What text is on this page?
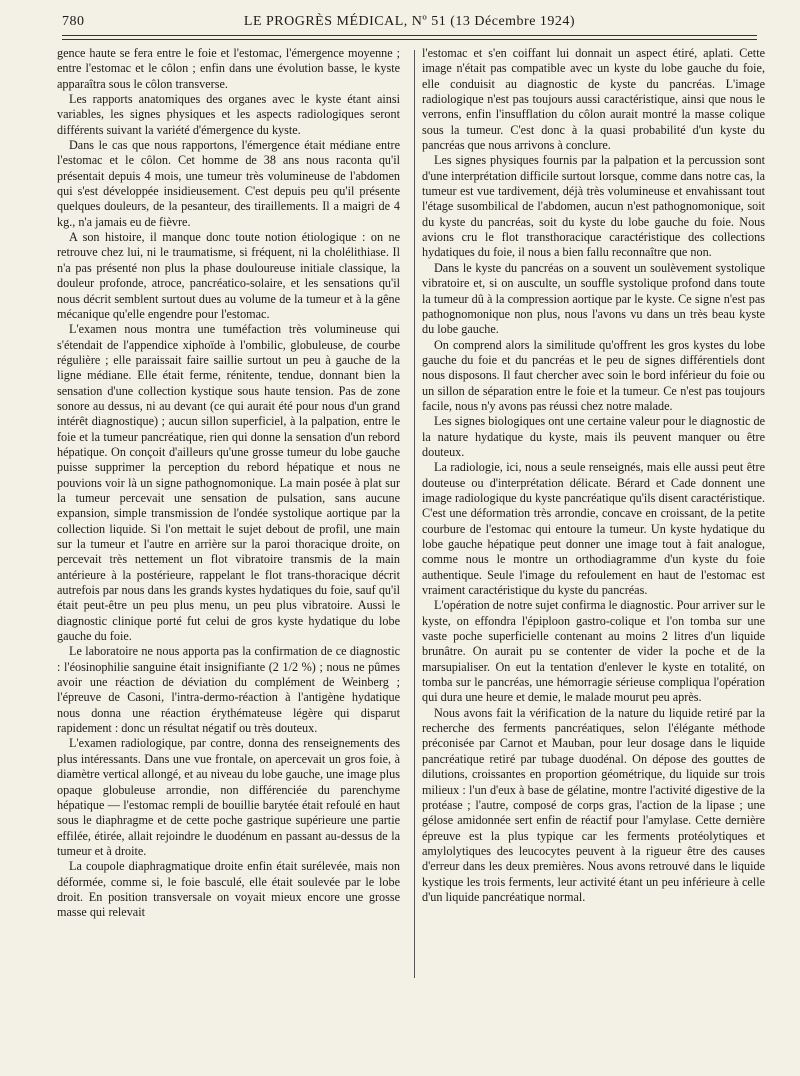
780	LE PROGRÈS MÉDICAL, Nº 51 (13 Décembre 1924)

gence haute se fera entre le foie et l'estomac, l'émergence moyenne ; entre l'estomac et le côlon ; enfin dans une évolution basse, le kyste apparaîtra sous le côlon transverse.

Les rapports anatomiques des organes avec le kyste étant ainsi variables, les signes physiques et les aspects radiologiques seront différents suivant la variété d'émergence du kyste.

Dans le cas que nous rapportons, l'émergence était médiane entre l'estomac et le côlon. Cet homme de 38 ans nous raconta qu'il présentait depuis 4 mois, une tumeur très volumineuse de l'abdomen qui s'est développée insidieusement. C'est depuis peu qu'il présente quelques douleurs, de la pesanteur, des tiraillements. Il a maigri de 4 kg., n'a jamais eu de fièvre.

A son histoire, il manque donc toute notion étiologique : on ne retrouve chez lui, ni le traumatisme, si fréquent, ni la cholélithiase. Il n'a pas présenté non plus la phase douloureuse initiale classique, la douleur profonde, atroce, pancréatico-solaire, et les sensations qu'il nous décrit semblent surtout dues au volume de la tumeur et à la gêne mécanique qu'elle engendre pour l'estomac.

L'examen nous montra une tuméfaction très volumineuse qui s'étendait de l'appendice xiphoïde à l'ombilic, globuleuse, de courbe régulière ; elle paraissait faire saillie surtout un peu à gauche de la ligne médiane. Elle était ferme, rénitente, tendue, donnant bien la sensation d'une collection kystique sous haute tension. Pas de zone sonore au dessus, ni au devant (ce qui aurait été pour nous d'un grand intérêt diagnostique) ; aucun sillon superficiel, à la palpation, entre le foie et la tumeur pancréatique, rien qui donne la sensation d'un rebord hépatique. On conçoit d'ailleurs qu'une grosse tumeur du lobe gauche puisse supprimer la perception du rebord hépatique et nous ne pouvions voir là un signe pathognomonique. La main posée à plat sur la tumeur percevait une sensation de pulsation, sans aucune expansion, simple transmission de l'ondée systolique aortique par la collection liquide. Si l'on mettait le sujet debout de profil, une main sur la tumeur et l'autre en arrière sur la paroi thoracique droite, on percevait très nettement un flot vibratoire transmis de la main antérieure à la postérieure, rappelant le flot trans-thoracique décrit autrefois par nous dans les grands kystes hydatiques du foie, sauf qu'il était peut-être un peu plus menu, un peu plus vibratoire. Aussi le diagnostic clinique porté fut celui de gros kyste hydatique du lobe gauche du foie.

Le laboratoire ne nous apporta pas la confirmation de ce diagnostic : l'éosinophilie sanguine était insignifiante (2 1/2 %) ; nous ne pûmes avoir une réaction de déviation du complément de Weinberg ; l'épreuve de Casoni, l'intra-dermo-réaction à l'antigène hydatique nous donna une réaction érythémateuse légère qui disparut rapidement : donc un résultat négatif ou très douteux.

L'examen radiologique, par contre, donna des renseignements des plus intéressants. Dans une vue frontale, on apercevait un gros foie, à diamètre vertical allongé, et au niveau du lobe gauche, une image plus opaque globuleuse arrondie, non différenciée du parenchyme hépatique — l'estomac rempli de bouillie barytée était refoulé en haut sous le diaphragme et de cette poche gastrique supérieure une partie effilée, étirée, allait rejoindre le duodénum en passant au-dessus de la tumeur et à droite.

La coupole diaphragmatique droite enfin était surélevée, mais non déformée, comme si, le foie basculé, elle était soulevée par le lobe droit. En position transversale on voyait mieux encore une grosse masse qui relevait

l'estomac et s'en coiffant lui donnait un aspect étiré, aplati. Cette image n'était pas compatible avec un kyste du lobe gauche du foie, elle conduisit au diagnostic de kyste du pancréas. L'image radiologique n'est pas toujours aussi caractéristique, ainsi que nous le verrons, enfin l'insufflation du côlon aurait montré la masse colique sous la tumeur. C'est donc à la quasi probabilité d'un kyste du pancréas que nous arrivons à conclure.

Les signes physiques fournis par la palpation et la percussion sont d'une interprétation difficile surtout lorsque, comme dans notre cas, la tumeur est vue tardivement, déjà très volumineuse et envahissant tout l'étage susombilical de l'abdomen, aucun n'est pathognomonique, soit du kyste du pancréas, soit du kyste du lobe gauche du foie. Nous avions cru le flot transthoracique caractéristique des collections hydatiques du foie, il nous a bien fallu reconnaître que non.

Dans le kyste du pancréas on a souvent un soulèvement systolique vibratoire et, si on ausculte, un souffle systolique profond dans toute la tumeur dû à la compression aortique par le kyste. Ce signe n'est pas pathognomonique non plus, nous l'avons vu dans un très beau kyste du lobe gauche.

On comprend alors la similitude qu'offrent les gros kystes du lobe gauche du foie et du pancréas et le peu de signes différentiels dont nous disposons. Il faut chercher avec soin le bord inférieur du foie ou un sillon de séparation entre le foie et la tumeur. Ce n'est pas toujours facile, nous n'y avons pas réussi chez notre malade.

Les signes biologiques ont une certaine valeur pour le diagnostic de la nature hydatique du kyste, mais ils peuvent manquer ou être douteux.

La radiologie, ici, nous a seule renseignés, mais elle aussi peut être douteuse ou d'interprétation délicate. Bérard et Cade donnent une image radiologique du kyste pancréatique qu'ils disent caractéristique. C'est une déformation très arrondie, concave en croissant, de la petite courbure de l'estomac qui entoure la tumeur. Un kyste hydatique du lobe gauche hépatique peut donner une image tout à fait analogue, comme nous le montre un orthodiagramme d'un kyste du foie authentique. Seule l'image du refoulement en haut de l'estomac est vraiment caractéristique du kyste du pancréas.

L'opération de notre sujet confirma le diagnostic. Pour arriver sur le kyste, on effondra l'épiploon gastro-colique et l'on tomba sur une vaste poche superficielle contenant au moins 2 litres d'un liquide brunâtre. On aurait pu se contenter de vider la poche et de la marsupialiser. On eut la tentation d'enlever le kyste en totalité, on tomba sur le pancréas, une hémorragie sérieuse compliqua l'opération qui dura une heure et demie, le malade mourut peu après.

Nous avons fait la vérification de la nature du liquide retiré par la recherche des ferments pancréatiques, selon l'élégante méthode préconisée par Carnot et Mauban, pour leur dosage dans le liquide pancréatique retiré par tubage duodénal. On dépose des gouttes de dilutions, croissantes en proportion géométrique, du liquide sur trois milieux : l'un d'eux à base de gélatine, montre l'activité digestive de la protéase ; l'autre, composé de corps gras, l'action de la lipase ; une gélose amidonnée sert enfin de réactif pour l'amylase. Cette dernière épreuve est la plus typique car les ferments protéolytiques et amylolytiques des leucocytes peuvent à la rigueur être des causes d'erreur dans les deux premières. Nous avons retrouvé dans le liquide kystique les trois ferments, leur activité étant un peu inférieure à celle d'un liquide pancréatique normal.
